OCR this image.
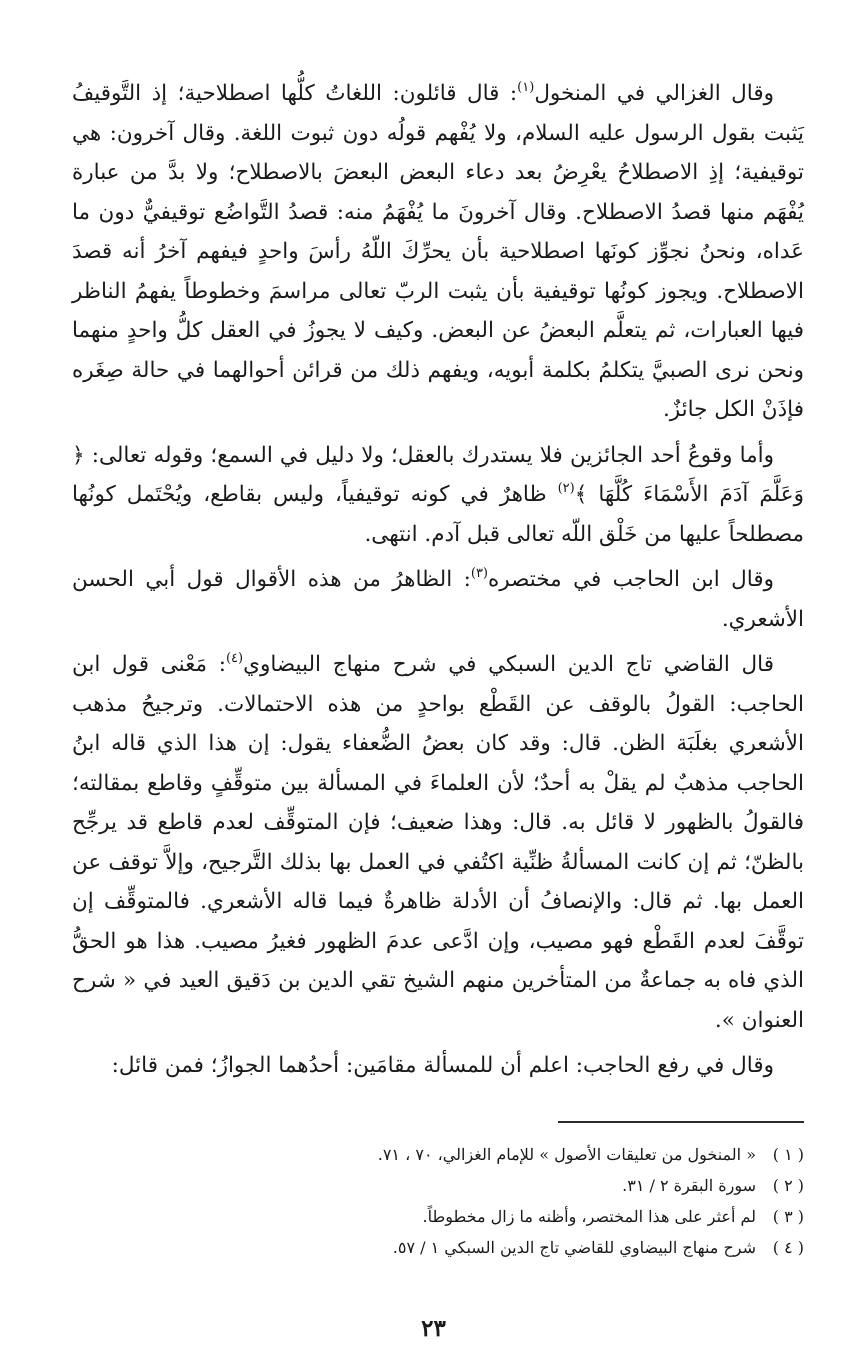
وقال الغزالي في المنخول$^{(١)}$: قال قائلون: اللغاتُ كلُّها اصطلاحية؛ إذ التَّوقيفُ يَثبت بقول الرسول عليه السلام، ولا يُفْهم قولُه دون ثبوت اللغة. وقال آخرون: هي توقيفية؛ إذِ الاصطلاحُ يعْرِضُ بعد دعاء البعض البعضَ بالاصطلاح؛ ولا بدَّ من عبارة يُفْهَم منها قصدُ الاصطلاح. وقال آخرونَ ما يُفْهَمُ منه: قصدُ التَّواضُع توقيفيٌّ دون ما عَداه، ونحنُ نجوِّز كونَها اصطلاحية بأن يحرِّكَ اللّهُ رأسَ واحدٍ فيفهم آخرُ أنه قصدَ الاصطلاح. ويجوز كونُها توقيفية بأن يثبت الربّ تعالى مراسمَ وخطوطاً يفهمُ الناظر فيها العبارات، ثم يتعلَّم البعضُ عن البعض. وكيف لا يجوزُ في العقل كلُّ واحدٍ منهما ونحن نرى الصبيَّ يتكلمُ بكلمة أبويه، ويفهم ذلك من قرائن أحوالهما في حالة صِغَره فإذَنْ الكل جائزٌ.

وأما وقوعُ أحد الجائزين فلا يستدرك بالعقل؛ ولا دليل في السمع؛ وقوله تعالى: ﴿ وَعَلَّمَ آدَمَ الأَسْمَاءَ كُلَّهَا ﴾$^{(٢)}$ ظاهرٌ في كونه توقيفياً، وليس بقاطع، ويُحْتَمل كونُها مصطلحاً عليها من خَلْق اللّه تعالى قبل آدم. انتهى.

وقال ابن الحاجب في مختصره$^{(٣)}$: الظاهرُ من هذه الأقوال قول أبي الحسن الأشعري.

قال القاضي تاج الدين السبكي في شرح منهاج البيضاوي$^{(٤)}$: مَعْنى قول ابن الحاجب: القولُ بالوقف عن القَطْع بواحدٍ من هذه الاحتمالات. وترجيحُ مذهب الأشعري بغلَبَة الظن. قال: وقد كان بعضُ الضُّعفاء يقول: إن هذا الذي قاله ابنُ الحاجب مذهبٌ لم يقلْ به أحدٌ؛ لأن العلماءَ في المسألة بين متوقِّفٍ وقاطع بمقالته؛ فالقولُ بالظهور لا قائل به. قال: وهذا ضعيف؛ فإن المتوقِّف لعدم قاطع قد يرجِّح بالظنّ؛ ثم إن كانت المسألةُ ظنِّية اكتُفي في العمل بها بذلك التَّرجيح، وإلاَّ توقف عن العمل بها. ثم قال: والإنصافُ أن الأدلة ظاهرةٌ فيما قاله الأشعري. فالمتوقِّف إن توقَّفَ لعدم القَطْع فهو مصيب، وإن ادَّعى عدمَ الظهور فغيرُ مصيب. هذا هو الحقُّ الذي فاه به جماعةٌ من المتأخرين منهم الشيخ تقي الدين بن دَقيق العيد في « شرح العنوان ».

وقال في رفع الحاجب: اعلم أن للمسألة مقامَين: أحدُهما الجوازُ؛ فمن قائل:

( ١ )
« المنخول من تعليقات الأصول » للإمام الغزالي، ٧٠ ، ٧١.
( ٢ )
سورة البقرة ٢ / ٣١.
( ٣ )
لم أعثر على هذا المختصر، وأظنه ما زال مخطوطاً.
( ٤ )
شرح منهاج البيضاوي للقاضي تاج الدين السبكي ١ / ٥٧.
٢٣
